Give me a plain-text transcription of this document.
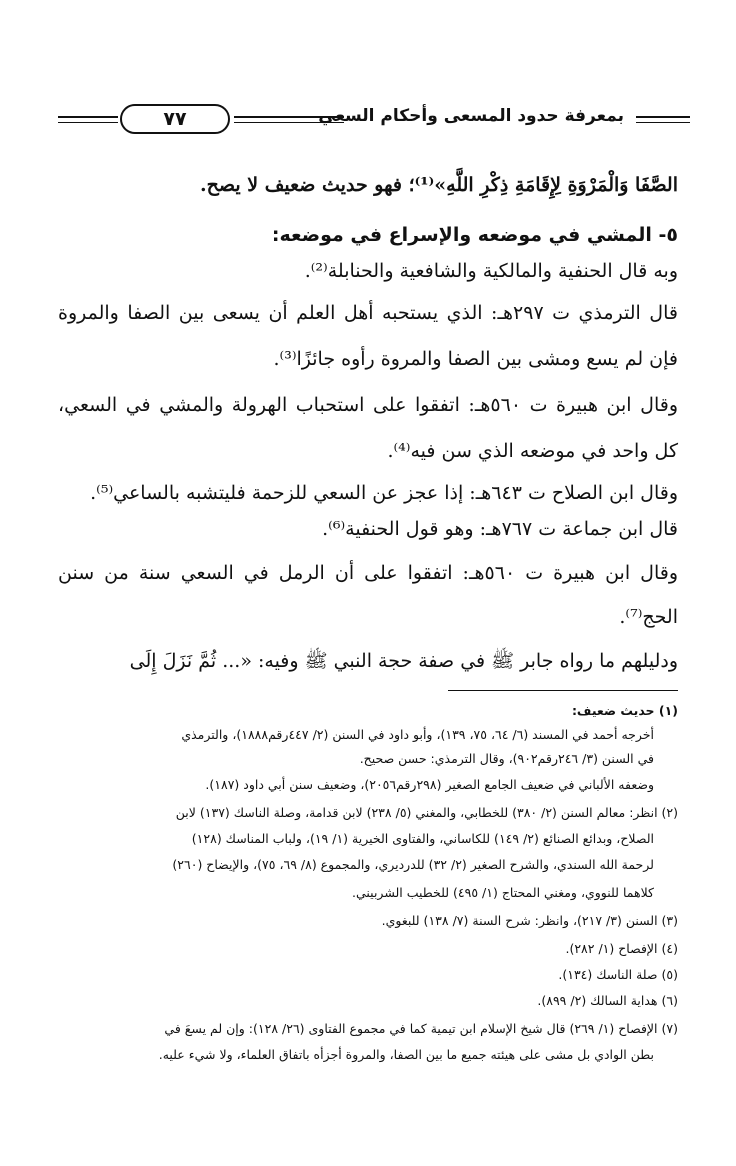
٧٧	بمعرفة حدود المسعى وأحكام السعي
الصَّفَا وَالْمَرْوَةِ لِإِقَامَةِ ذِكْرِ اللَّهِ»⁽¹⁾؛ فهو حديث ضعيف لا يصح.
٥- المشي في موضعه والإسراع في موضعه:
وبه قال الحنفية والمالكية والشافعية والحنابلة⁽²⁾.
قال الترمذي ت ٢٩٧هـ: الذي يستحبه أهل العلم أن يسعى بين الصفا والمروة
فإن لم يسع ومشى بين الصفا والمروة رأوه جائزًا⁽³⁾.
وقال ابن هبيرة ت ٥٦٠هـ: اتفقوا على استحباب الهرولة والمشي في السعي،
كل واحد في موضعه الذي سن فيه⁽⁴⁾.
وقال ابن الصلاح ت ٦٤٣هـ: إذا عجز عن السعي للزحمة فليتشبه بالساعي⁽⁵⁾.
قال ابن جماعة ت ٧٦٧هـ: وهو قول الحنفية⁽⁶⁾.
وقال ابن هبيرة ت ٥٦٠هـ: اتفقوا على أن الرمل في السعي سنة من سنن
الحج⁽⁷⁾.
ودليلهم ما رواه جابر ﷺ في صفة حجة النبي ﷺ وفيه: «... ثُمَّ نَزَلَ إِلَى
(١) حديث ضعيف:
أخرجه أحمد في المسند (٦/ ٦٤، ٧٥، ١٣٩)، وأبو داود في السنن (٢/ ٤٤٧رقم١٨٨٨)، والترمذي
في السنن (٣/ ٢٤٦رقم٩٠٢)، وقال الترمذي: حسن صحيح.
وضعفه الألباني في ضعيف الجامع الصغير (٢٩٨رقم٢٠٥٦)، وضعيف سنن أبي داود (١٨٧).
(٢) انظر: معالم السنن (٢/ ٣٨٠) للخطابي، والمغني (٥/ ٢٣٨) لابن قدامة، وصلة الناسك (١٣٧) لابن
الصلاح، وبدائع الصنائع (٢/ ١٤٩) للكاساني، والفتاوى الخيرية (١/ ١٩)، ولباب المناسك (١٢٨)
لرحمة الله السندي، والشرح الصغير (٢/ ٣٢) للدرديري، والمجموع (٨/ ٦٩، ٧٥)، والإيضاح (٢٦٠)
كلاهما للنووي، ومغني المحتاج (١/ ٤٩٥) للخطيب الشربيني.
(٣) السنن (٣/ ٢١٧)، وانظر: شرح السنة (٧/ ١٣٨) للبغوي.
(٤) الإفصاح (١/ ٢٨٢).
(٥) صلة الناسك (١٣٤).
(٦) هداية السالك (٢/ ٨٩٩).
(٧) الإفصاح (١/ ٢٦٩) قال شيخ الإسلام ابن تيمية كما في مجموع الفتاوى (٢٦/ ١٢٨): وإن لم يسعَ في
بطن الوادي بل مشى على هيئته جميع ما بين الصفا، والمروة أجزأه باتفاق العلماء، ولا شيء عليه.
